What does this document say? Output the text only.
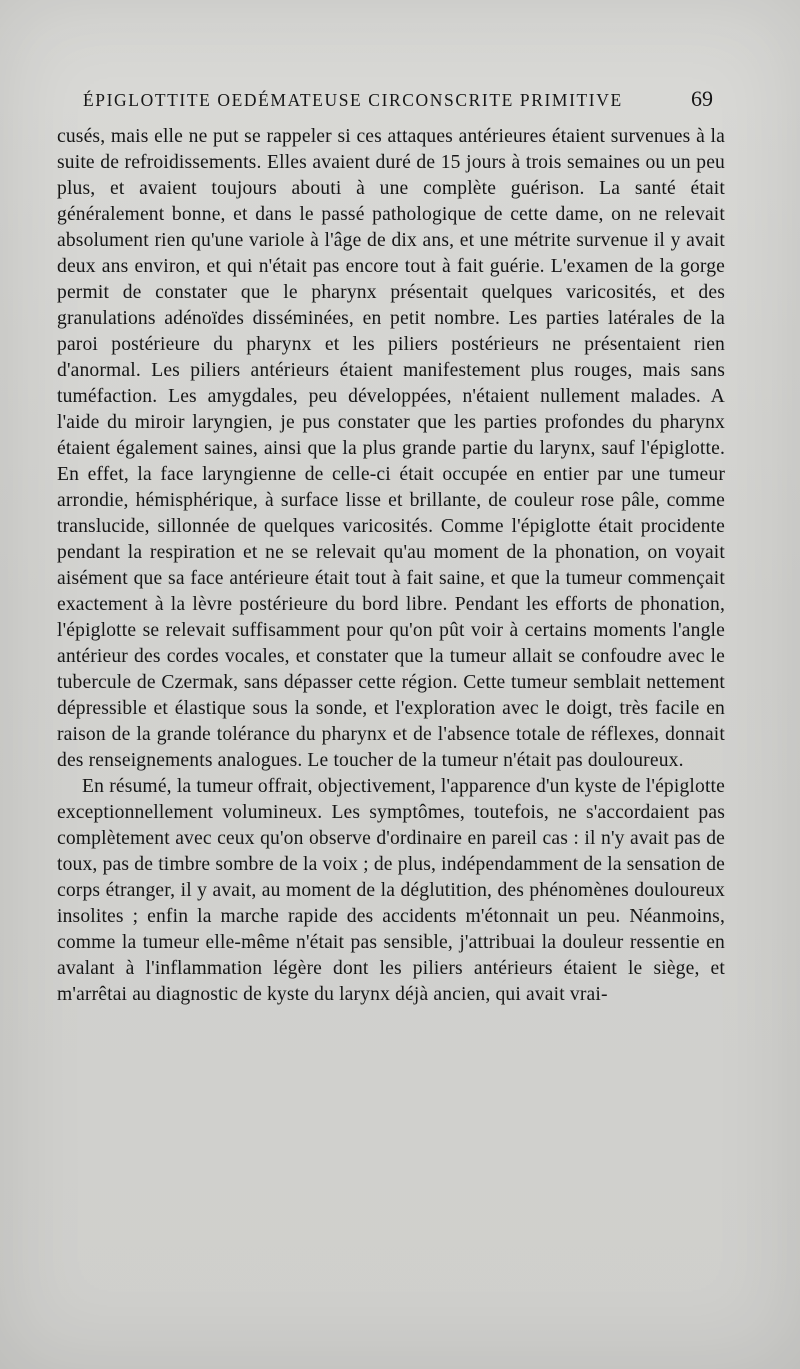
ÉPIGLOTTITE OEDÉMATEUSE CIRCONSCRITE PRIMITIVE	69

cusés, mais elle ne put se rappeler si ces attaques antérieures étaient survenues à la suite de refroidissements. Elles avaient duré de 15 jours à trois semaines ou un peu plus, et avaient toujours abouti à une complète guérison. La santé était généralement bonne, et dans le passé pathologique de cette dame, on ne relevait absolument rien qu'une variole à l'âge de dix ans, et une métrite survenue il y avait deux ans environ, et qui n'était pas encore tout à fait guérie. L'examen de la gorge permit de constater que le pharynx présentait quelques varicosités, et des granulations adénoïdes disséminées, en petit nombre. Les parties latérales de la paroi postérieure du pharynx et les piliers postérieurs ne présentaient rien d'anormal. Les piliers antérieurs étaient manifestement plus rouges, mais sans tuméfaction. Les amygdales, peu développées, n'étaient nullement malades. A l'aide du miroir laryngien, je pus constater que les parties profondes du pharynx étaient également saines, ainsi que la plus grande partie du larynx, sauf l'épiglotte. En effet, la face laryngienne de celle-ci était occupée en entier par une tumeur arrondie, hémisphérique, à surface lisse et brillante, de couleur rose pâle, comme translucide, sillonnée de quelques varicosités. Comme l'épiglotte était procidente pendant la respiration et ne se relevait qu'au moment de la phonation, on voyait aisément que sa face antérieure était tout à fait saine, et que la tumeur commençait exactement à la lèvre postérieure du bord libre. Pendant les efforts de phonation, l'épiglotte se relevait suffisamment pour qu'on pût voir à certains moments l'angle antérieur des cordes vocales, et constater que la tumeur allait se confoudre avec le tubercule de Czermak, sans dépasser cette région. Cette tumeur semblait nettement dépressible et élastique sous la sonde, et l'exploration avec le doigt, très facile en raison de la grande tolérance du pharynx et de l'absence totale de réflexes, donnait des renseignements analogues. Le toucher de la tumeur n'était pas douloureux.

En résumé, la tumeur offrait, objectivement, l'apparence d'un kyste de l'épiglotte exceptionnellement volumineux. Les symptômes, toutefois, ne s'accordaient pas complètement avec ceux qu'on observe d'ordinaire en pareil cas : il n'y avait pas de toux, pas de timbre sombre de la voix ; de plus, indépendamment de la sensation de corps étranger, il y avait, au moment de la déglutition, des phénomènes douloureux insolites ; enfin la marche rapide des accidents m'étonnait un peu. Néanmoins, comme la tumeur elle-même n'était pas sensible, j'attribuai la douleur ressentie en avalant à l'inflammation légère dont les piliers antérieurs étaient le siège, et m'arrêtai au diagnostic de kyste du larynx déjà ancien, qui avait vrai-
